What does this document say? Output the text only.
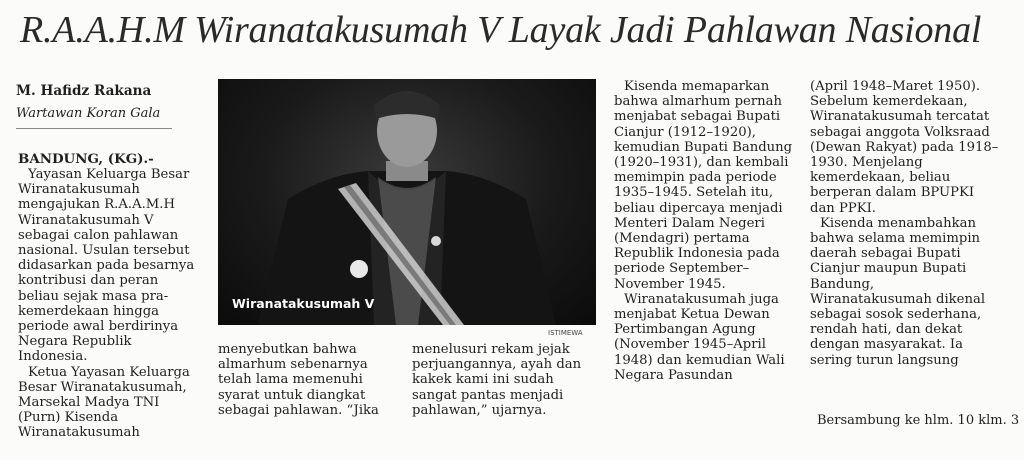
R.A.A.H.M Wiranatakusumah V Layak Jadi Pahlawan Nasional
M. Hafidz Rakana
Wartawan Koran Gala
BANDUNG, (KG).-

Yayasan Keluarga Besar Wiranatakusumah mengajukan R.A.A.M.H Wiranatakusumah V sebagai calon pahlawan nasional. Usulan tersebut didasarkan pada besarnya kontribusi dan peran beliau sejak masa pra-kemerdekaan hingga periode awal berdirinya Negara Republik Indonesia.

Ketua Yayasan Keluarga Besar Wiranatakusumah, Marsekal Madya TNI (Purn) Kisenda Wiranatakusumah

Wiranatakusumah V
ISTIMEWA

menyebutkan bahwa almarhum sebenarnya telah lama memenuhi syarat untuk diangkat sebagai pahlawan. “Jika

menelusuri rekam jejak perjuangannya, ayah dan kakek kami ini sudah sangat pantas menjadi pahlawan,” ujarnya.

Kisenda memaparkan bahwa almarhum pernah menjabat sebagai Bupati Cianjur (1912–1920), kemudian Bupati Bandung (1920–1931), dan kembali memimpin pada periode 1935–1945. Setelah itu, beliau dipercaya menjadi Menteri Dalam Negeri (Mendagri) pertama Republik Indonesia pada periode September–November 1945.

Wiranatakusumah juga menjabat Ketua Dewan Pertimbangan Agung (November 1945–April 1948) dan kemudian Wali Negara Pasundan

(April 1948–Maret 1950). Sebelum kemerdekaan, Wiranatakusumah tercatat sebagai anggota Volksraad (Dewan Rakyat) pada 1918–1930. Menjelang kemerdekaan, beliau berperan dalam BPUPKI dan PPKI.

Kisenda menambahkan bahwa selama memimpin daerah sebagai Bupati Cianjur maupun Bupati Bandung, Wiranatakusumah dikenal sebagai sosok sederhana, rendah hati, dan dekat dengan masyarakat. Ia sering turun langsung

Bersambung ke hlm. 10 klm. 3
